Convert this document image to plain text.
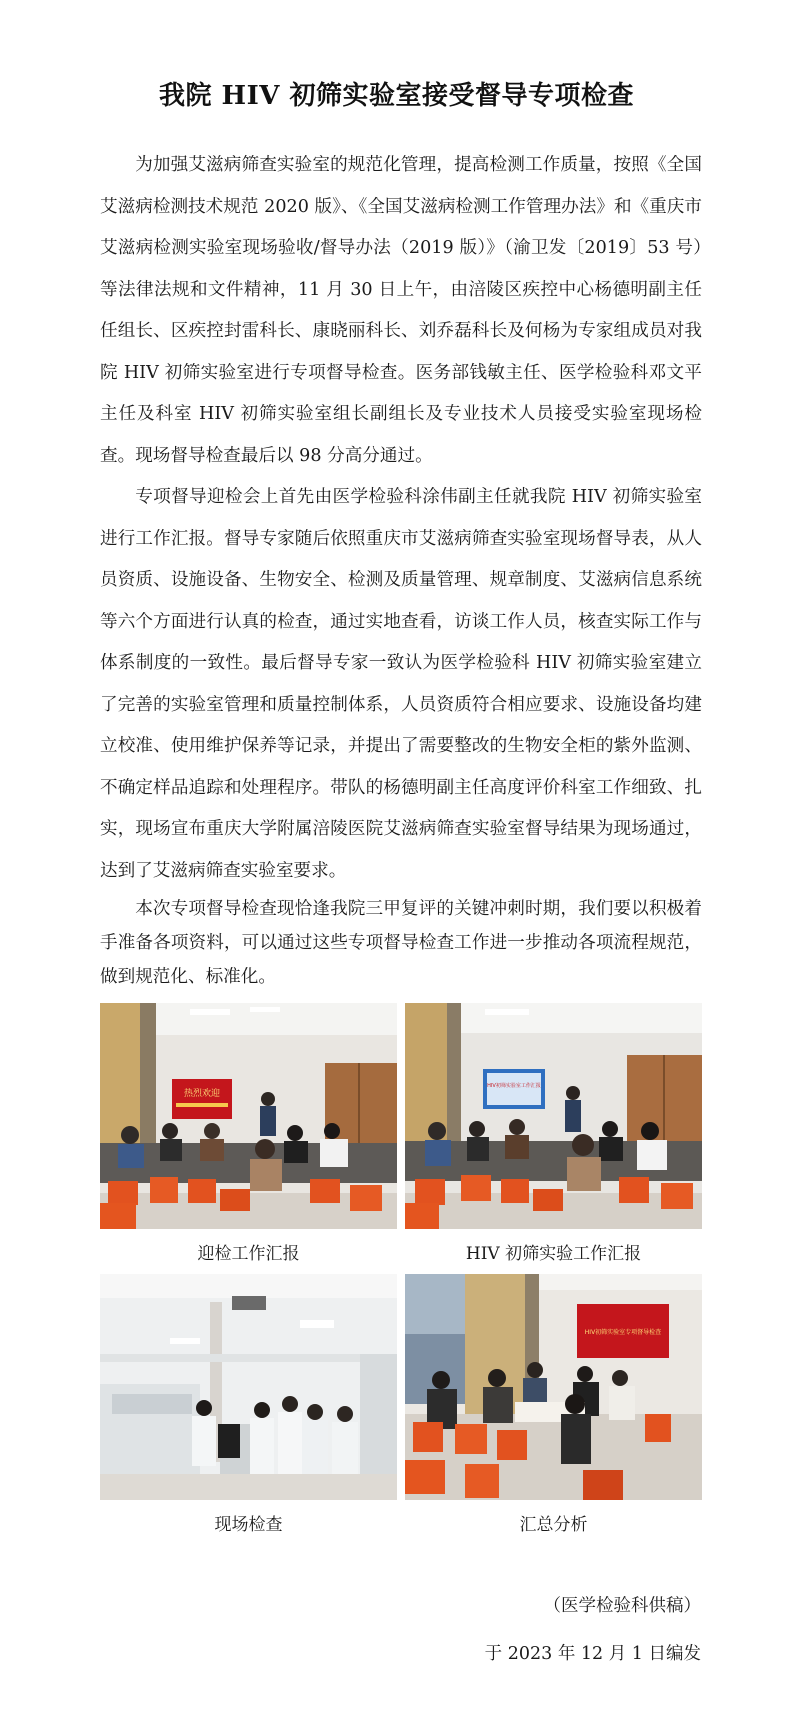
我院 HIV 初筛实验室接受督导专项检查

为加强艾滋病筛查实验室的规范化管理，提高检测工作质量，按照《全国艾滋病检测技术规范 2020 版》、《全国艾滋病检测工作管理办法》和《重庆市艾滋病检测实验室现场验收/督导办法（2019 版）》（渝卫发〔2019〕53 号）等法律法规和文件精神，11 月 30 日上午，由涪陵区疾控中心杨德明副主任任组长、区疾控封雷科长、康晓丽科长、刘乔磊科长及何杨为专家组成员对我院 HIV 初筛实验室进行专项督导检查。医务部钱敏主任、医学检验科邓文平主任及科室 HIV 初筛实验室组长副组长及专业技术人员接受实验室现场检查。现场督导检查最后以 98 分高分通过。

专项督导迎检会上首先由医学检验科涂伟副主任就我院 HIV 初筛实验室进行工作汇报。督导专家随后依照重庆市艾滋病筛查实验室现场督导表，从人员资质、设施设备、生物安全、检测及质量管理、规章制度、艾滋病信息系统等六个方面进行认真的检查，通过实地查看，访谈工作人员，核查实际工作与体系制度的一致性。最后督导专家一致认为医学检验科 HIV 初筛实验室建立了完善的实验室管理和质量控制体系，人员资质符合相应要求、设施设备均建立校准、使用维护保养等记录，并提出了需要整改的生物安全柜的紫外监测、不确定样品追踪和处理程序。带队的杨德明副主任高度评价科室工作细致、扎实，现场宣布重庆大学附属涪陵医院艾滋病筛查实验室督导结果为现场通过，达到了艾滋病筛查实验室要求。

本次专项督导检查现恰逢我院三甲复评的关键冲刺时期，我们要以积极着手准备各项资料，可以通过这些专项督导检查工作进一步推动各项流程规范，做到规范化、标准化。

热烈欢迎
迎检工作汇报
HIV初筛实验室工作汇报
HIV 初筛实验工作汇报
现场检查
HIV初筛实验室专项督导检查
汇总分析
（医学检验科供稿）
于 2023 年 12 月 1 日编发
